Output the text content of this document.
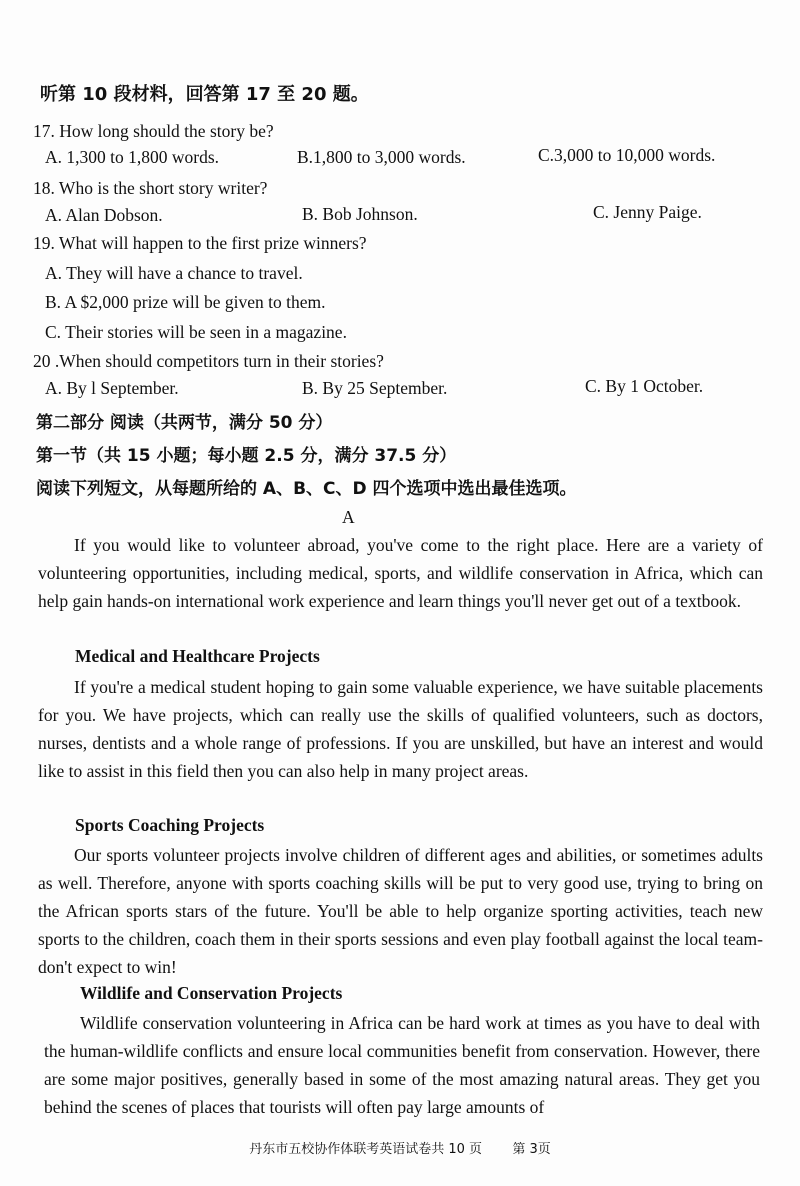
听第 10 段材料，回答第 17 至 20 题。
17. How long should the story be?
A. 1,300 to 1,800 words.	B.1,800 to 3,000 words.	C.3,000 to 10,000 words.
18. Who is the short story writer?
A. Alan Dobson.	B. Bob Johnson.	C. Jenny Paige.
19. What will happen to the first prize winners?
A. They will have a chance to travel.
B. A $2,000 prize will be given to them.
C. Their stories will be seen in a magazine.
20 .When should competitors turn in their stories?
A. By l September.	B. By 25 September.	C. By 1 October.
第二部分 阅读（共两节，满分 50 分）
第一节（共 15 小题；每小题 2.5 分，满分 37.5 分）
阅读下列短文，从每题所给的 A、B、C、D 四个选项中选出最佳选项。
A
If you would like to volunteer abroad, you've come to the right place. Here are a variety of volunteering opportunities, including medical, sports, and wildlife conservation in Africa, which can help gain hands-on international work experience and learn things you'll never get out of a textbook.
Medical and Healthcare Projects
If you're a medical student hoping to gain some valuable experience, we have suitable placements for you. We have projects, which can really use the skills of qualified volunteers, such as doctors, nurses, dentists and a whole range of professions. If you are unskilled, but have an interest and would like to assist in this field then you can also help in many project areas.
Sports Coaching Projects
Our sports volunteer projects involve children of different ages and abilities, or sometimes adults as well. Therefore, anyone with sports coaching skills will be put to very good use, trying to bring on the African sports stars of the future. You'll be able to help organize sporting activities, teach new sports to the children, coach them in their sports sessions and even play football against the local team-don't expect to win!
Wildlife and Conservation Projects
Wildlife conservation volunteering in Africa can be hard work at times as you have to deal with the human-wildlife conflicts and ensure local communities benefit from conservation. However, there are some major positives, generally based in some of the most amazing natural areas. They get you behind the scenes of places that tourists will often pay large amounts of
丹东市五校协作体联考英语试卷共 10 页 第 3页
